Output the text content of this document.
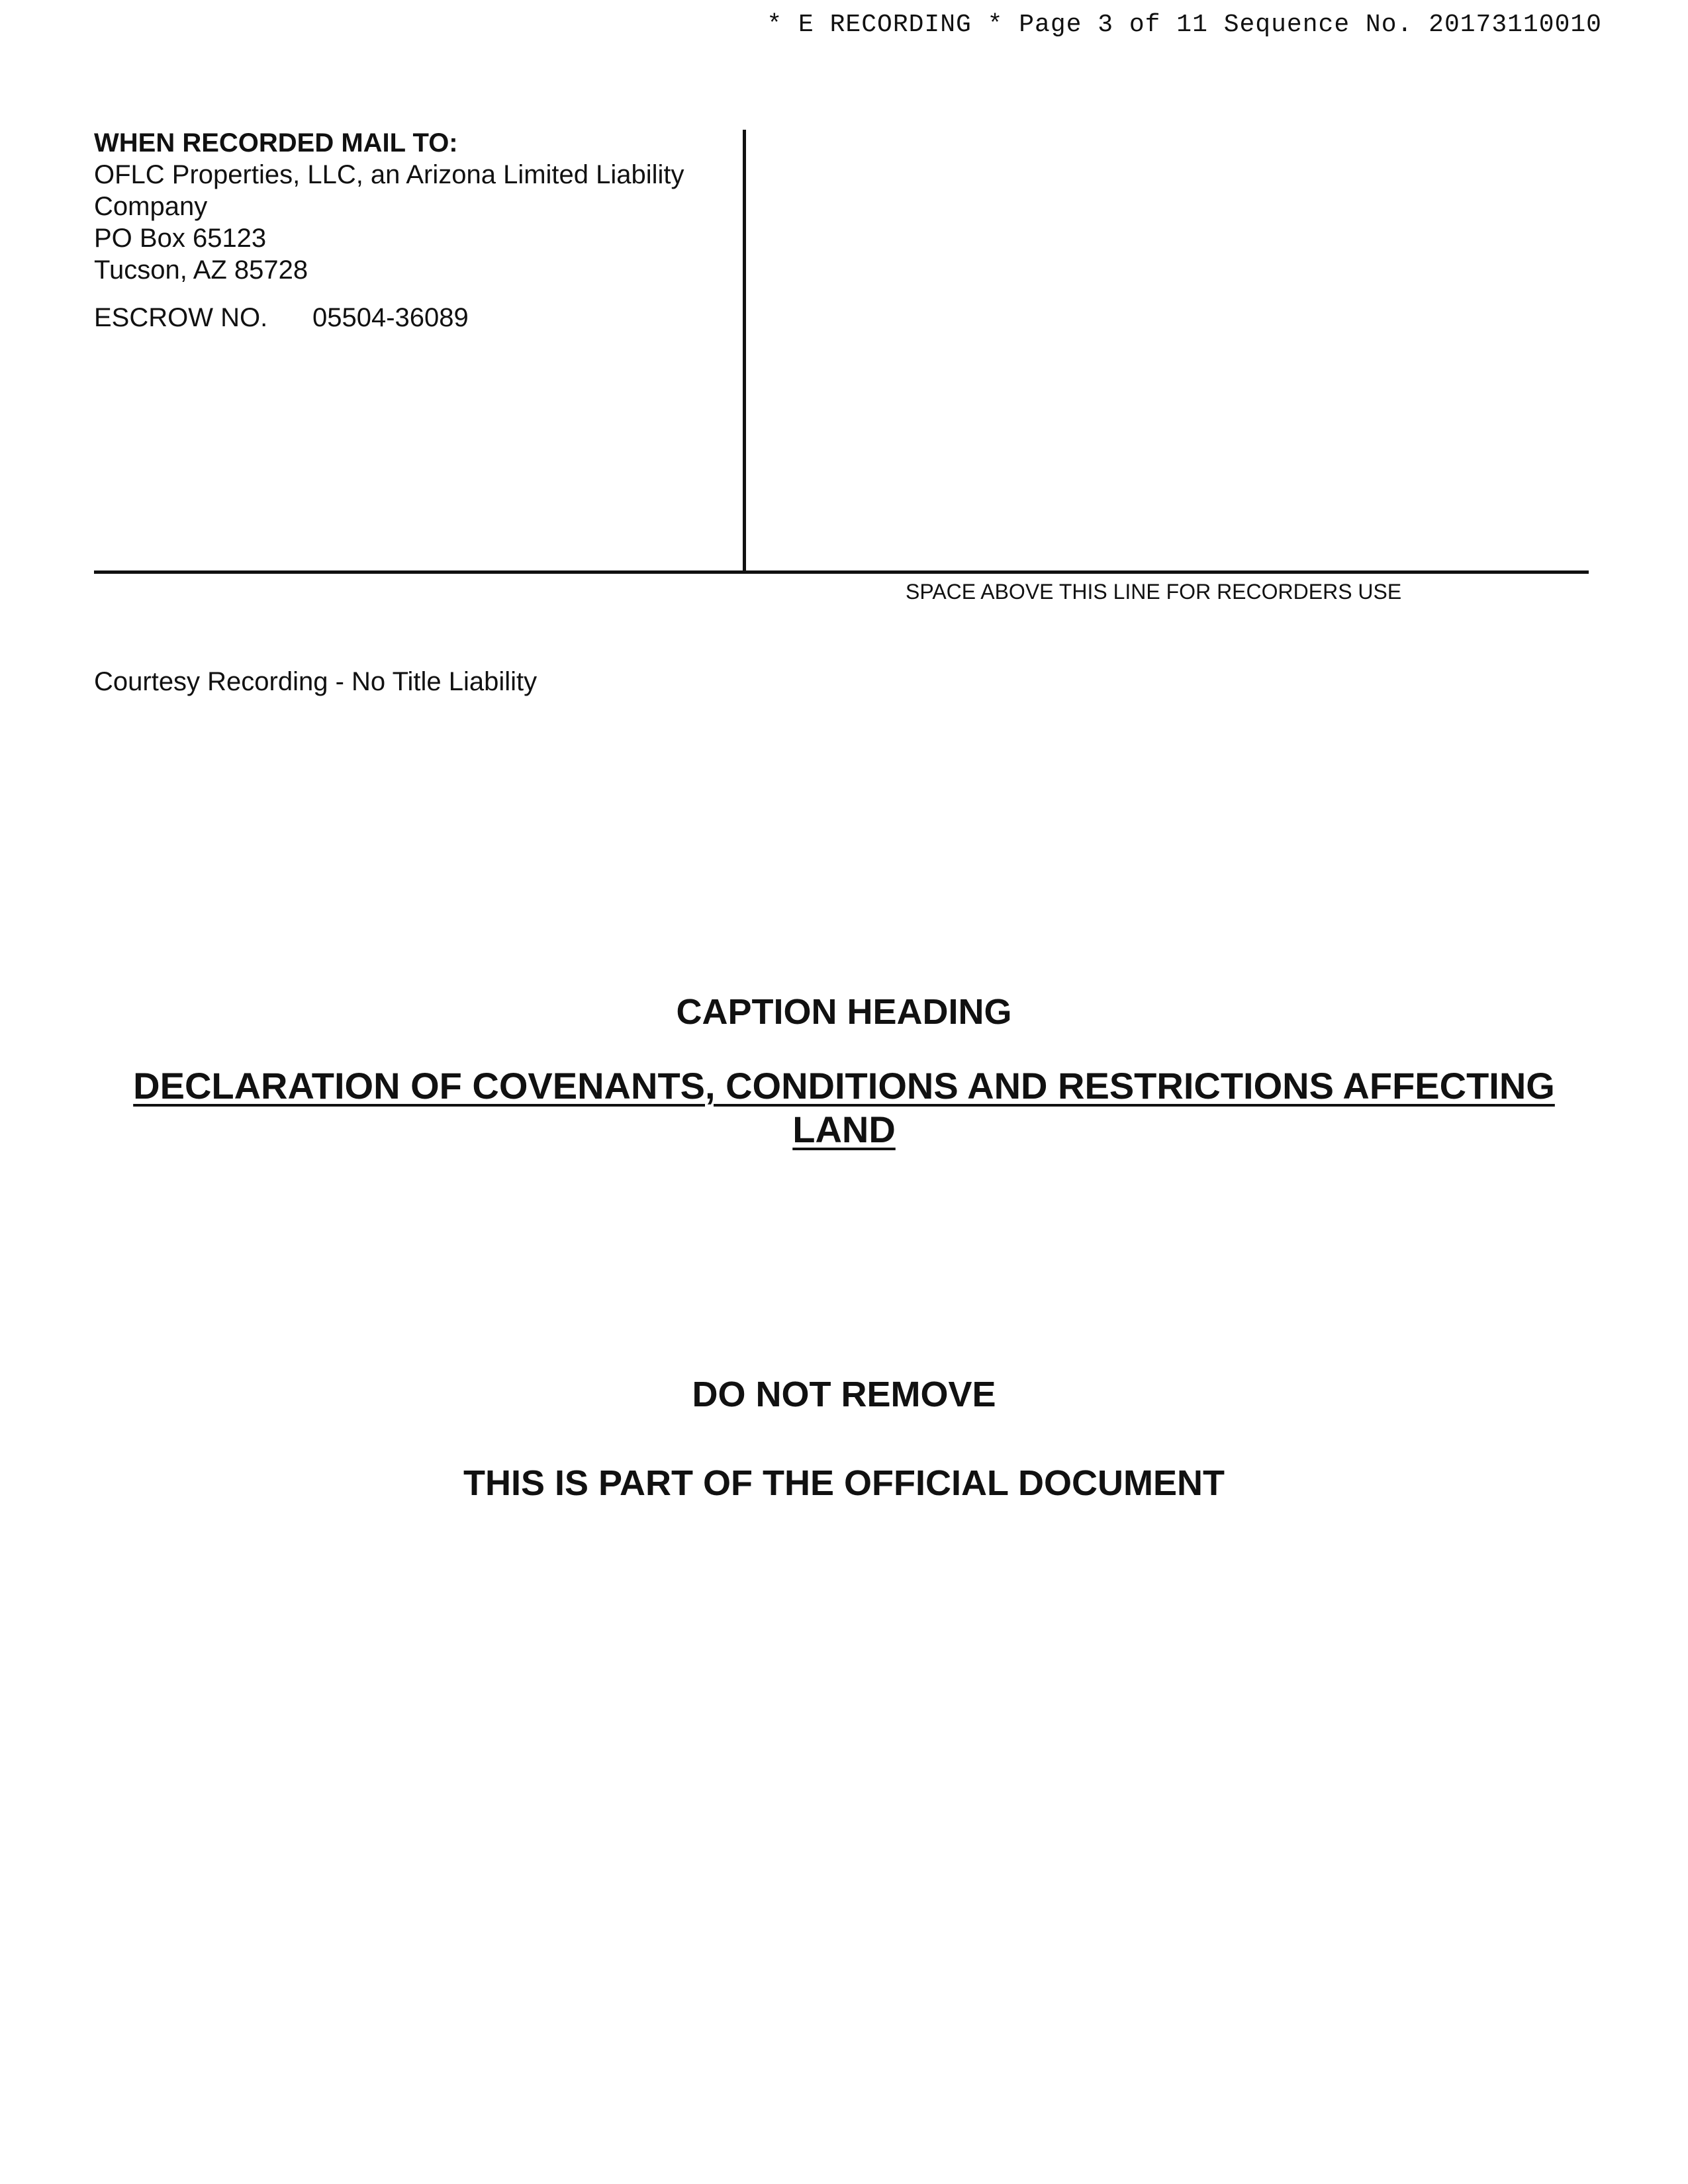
* E RECORDING * Page 3 of 11 Sequence No. 20173110010
WHEN RECORDED MAIL TO:
OFLC Properties, LLC, an Arizona Limited Liability
Company
PO Box 65123
Tucson, AZ 85728
ESCROW NO. 05504-36089
SPACE ABOVE THIS LINE FOR RECORDERS USE
Courtesy Recording - No Title Liability
CAPTION HEADING
DECLARATION OF COVENANTS, CONDITIONS AND RESTRICTIONS AFFECTING
LAND
DO NOT REMOVE
THIS IS PART OF THE OFFICIAL DOCUMENT
